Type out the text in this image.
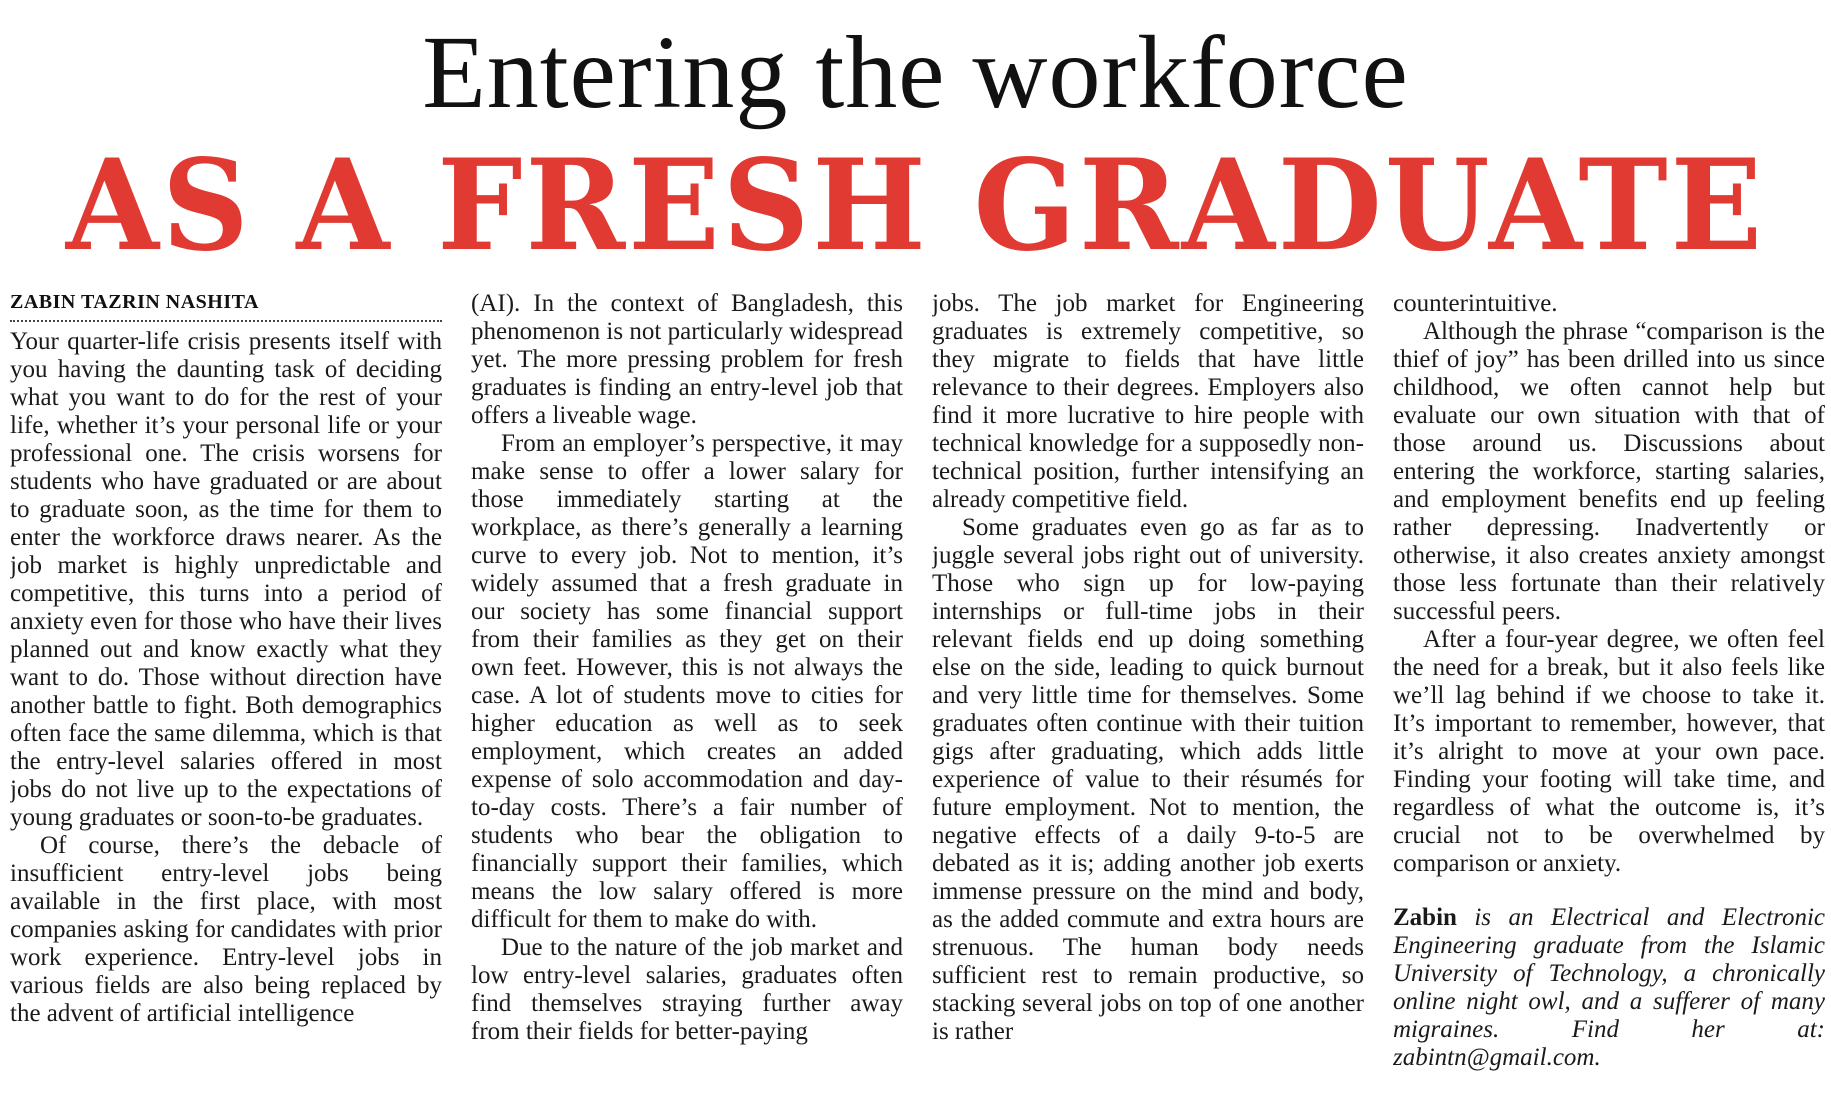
Entering the workforce
AS A FRESH GRADUATE
ZABIN TAZRIN NASHITA

Your quarter-life crisis presents itself with you having the daunting task of deciding what you want to do for the rest of your life, whether it’s your personal life or your professional one. The crisis worsens for students who have graduated or are about to graduate soon, as the time for them to enter the workforce draws nearer. As the job market is highly unpredictable and competitive, this turns into a period of anxiety even for those who have their lives planned out and know exactly what they want to do. Those without direction have another battle to fight. Both demographics often face the same dilemma, which is that the entry-level salaries offered in most jobs do not live up to the expectations of young graduates or soon-to-be graduates.

Of course, there’s the debacle of insufficient entry-level jobs being available in the first place, with most companies asking for candidates with prior work experience. Entry-level jobs in various fields are also being replaced by the advent of artificial intelligence

(AI). In the context of Bangladesh, this phenomenon is not particularly widespread yet. The more pressing problem for fresh graduates is finding an entry-level job that offers a liveable wage.

From an employer’s perspective, it may make sense to offer a lower salary for those immediately starting at the workplace, as there’s generally a learning curve to every job. Not to mention, it’s widely assumed that a fresh graduate in our society has some financial support from their families as they get on their own feet. However, this is not always the case. A lot of students move to cities for higher education as well as to seek employment, which creates an added expense of solo accommodation and day-to-day costs. There’s a fair number of students who bear the obligation to financially support their families, which means the low salary offered is more difficult for them to make do with.

Due to the nature of the job market and low entry-level salaries, graduates often find themselves straying further away from their fields for better-paying

jobs. The job market for Engineering graduates is extremely competitive, so they migrate to fields that have little relevance to their degrees. Employers also find it more lucrative to hire people with technical knowledge for a supposedly non-technical position, further intensifying an already competitive field.

Some graduates even go as far as to juggle several jobs right out of university. Those who sign up for low-paying internships or full-time jobs in their relevant fields end up doing something else on the side, leading to quick burnout and very little time for themselves. Some graduates often continue with their tuition gigs after graduating, which adds little experience of value to their résumés for future employment. Not to mention, the negative effects of a daily 9-to-5 are debated as it is; adding another job exerts immense pressure on the mind and body, as the added commute and extra hours are strenuous. The human body needs sufficient rest to remain productive, so stacking several jobs on top of one another is rather

counterintuitive.

Although the phrase “comparison is the thief of joy” has been drilled into us since childhood, we often cannot help but evaluate our own situation with that of those around us. Discussions about entering the workforce, starting salaries, and employment benefits end up feeling rather depressing. Inadvertently or otherwise, it also creates anxiety amongst those less fortunate than their relatively successful peers.

After a four-year degree, we often feel the need for a break, but it also feels like we’ll lag behind if we choose to take it. It’s important to remember, however, that it’s alright to move at your own pace. Finding your footing will take time, and regardless of what the outcome is, it’s crucial not to be overwhelmed by comparison or anxiety.

Zabin is an Electrical and Electronic Engineering graduate from the Islamic University of Technology, a chronically online night owl, and a sufferer of many migraines. Find her at: zabintn@gmail.com.
